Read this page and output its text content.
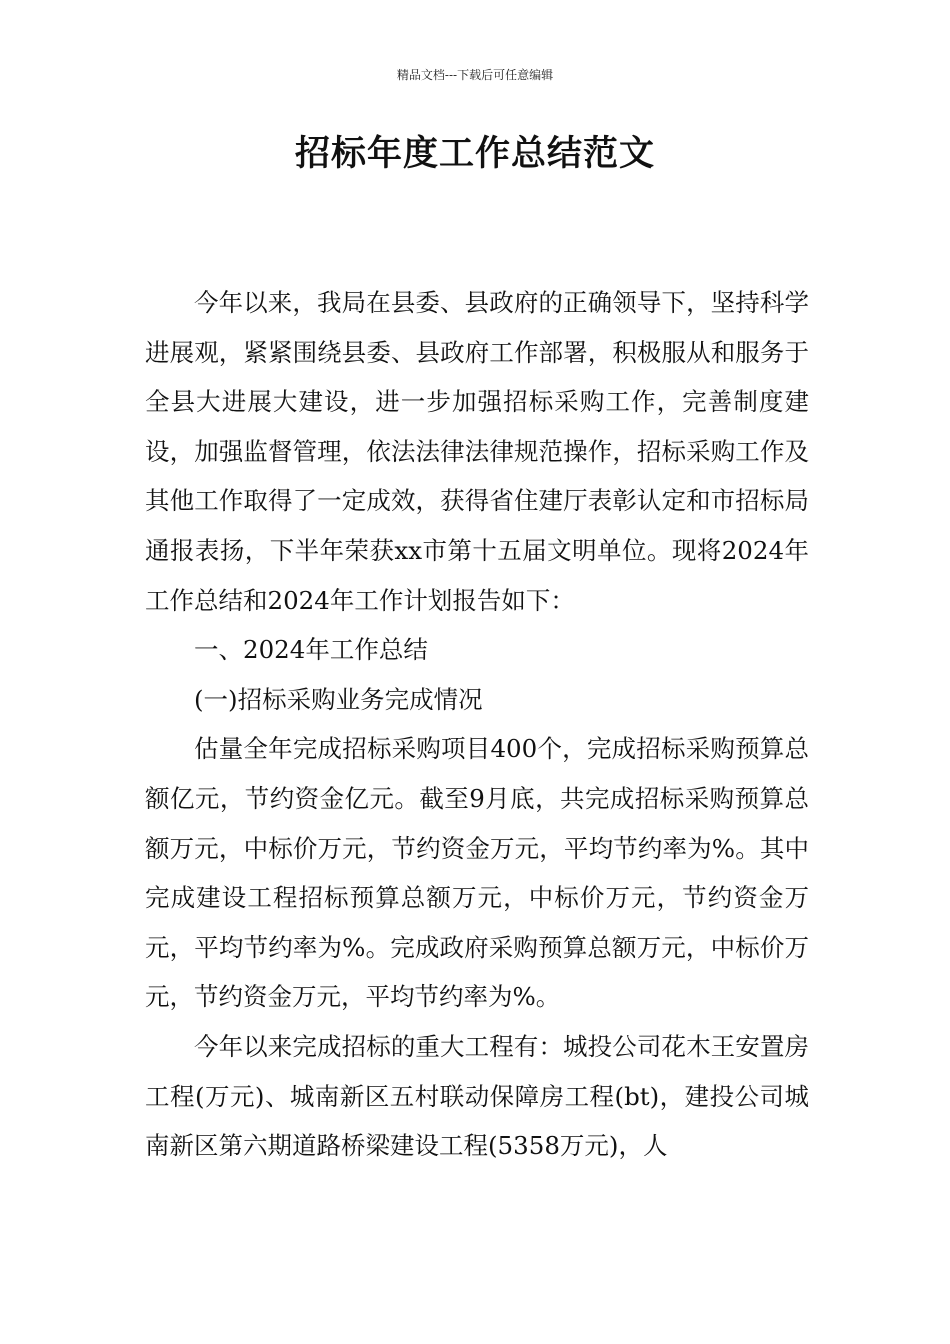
精品文档---下载后可任意编辑
招标年度工作总结范文

今年以来，我局在县委、县政府的正确领导下，坚持科学进展观，紧紧围绕县委、县政府工作部署，积极服从和服务于全县大进展大建设，进一步加强招标采购工作，完善制度建设，加强监督管理，依法法律法律规范操作，招标采购工作及其他工作取得了一定成效，获得省住建厅表彰认定和市招标局通报表扬，下半年荣获xx市第十五届文明单位。现将2024年工作总结和2024年工作计划报告如下：

一、2024年工作总结

(一)招标采购业务完成情况

估量全年完成招标采购项目400个，完成招标采购预算总额亿元，节约资金亿元。截至9月底，共完成招标采购预算总额万元，中标价万元，节约资金万元，平均节约率为%。其中完成建设工程招标预算总额万元，中标价万元，节约资金万元，平均节约率为%。完成政府采购预算总额万元，中标价万元，节约资金万元，平均节约率为%。

今年以来完成招标的重大工程有：城投公司花木王安置房工程(万元)、城南新区五村联动保障房工程(bt)，建投公司城南新区第六期道路桥梁建设工程(5358万元)，人
